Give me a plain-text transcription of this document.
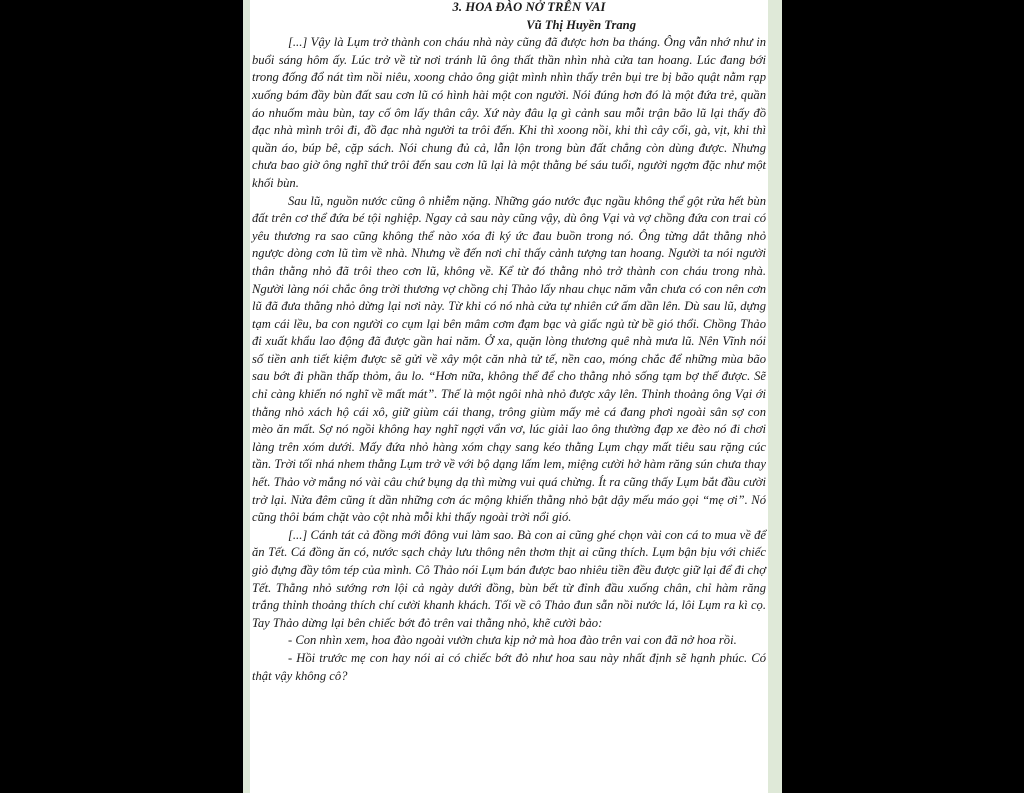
3. HOA ĐÀO NỞ TRÊN VAI

Vũ Thị Huyền Trang

[...] Vậy là Lụm trở thành con cháu nhà này cũng đã được hơn ba tháng. Ông vẫn nhớ như in buổi sáng hôm ấy. Lúc trở về từ nơi tránh lũ ông thất thần nhìn nhà cửa tan hoang. Lúc đang bới trong đống đổ nát tìm nồi niêu, xoong chảo ông giật mình nhìn thấy trên bụi tre bị bão quật nằm rạp xuống bám đầy bùn đất sau cơn lũ có hình hài một con người. Nói đúng hơn đó là một đứa trẻ, quần áo nhuốm màu bùn, tay cố ôm lấy thân cây. Xứ này đâu lạ gì cảnh sau mỗi trận bão lũ lại thấy đồ đạc nhà mình trôi đi, đồ đạc nhà người ta trôi đến. Khi thì xoong nồi, khi thì cây cối, gà, vịt, khi thì quần áo, búp bê, cặp sách. Nói chung đủ cả, lẫn lộn trong bùn đất chẳng còn dùng được. Nhưng chưa bao giờ ông nghĩ thứ trôi đến sau cơn lũ lại là một thằng bé sáu tuổi, người ngợm đặc như một khối bùn.

Sau lũ, nguồn nước cũng ô nhiễm nặng. Những gáo nước đục ngầu không thể gột rửa hết bùn đất trên cơ thể đứa bé tội nghiệp. Ngay cả sau này cũng vậy, dù ông Vại và vợ chồng đứa con trai có yêu thương ra sao cũng không thể nào xóa đi ký ức đau buồn trong nó. Ông từng dắt thằng nhỏ ngược dòng cơn lũ tìm về nhà. Nhưng về đến nơi chỉ thấy cảnh tượng tan hoang. Người ta nói người thân thằng nhỏ đã trôi theo cơn lũ, không về. Kể từ đó thằng nhỏ trở thành con cháu trong nhà. Người làng nói chắc ông trời thương vợ chồng chị Thảo lấy nhau chục năm vẫn chưa có con nên cơn lũ đã đưa thằng nhỏ dừng lại nơi này. Từ khi có nó nhà cửa tự nhiên cứ ấm dần lên. Dù sau lũ, dựng tạm cái lều, ba con người co cụm lại bên mâm cơm đạm bạc và giấc ngủ từ bề gió thổi. Chồng Thảo đi xuất khẩu lao động đã được gần hai năm. Ở xa, quặn lòng thương quê nhà mưa lũ. Nên Vĩnh nói số tiền anh tiết kiệm được sẽ gửi về xây một căn nhà tử tế, nền cao, móng chắc để những mùa bão sau bớt đi phần thấp thỏm, âu lo. “Hơn nữa, không thể để cho thằng nhỏ sống tạm bợ thế được. Sẽ chỉ càng khiến nó nghĩ về mất mát”. Thế là một ngôi nhà nhỏ được xây lên. Thỉnh thoảng ông Vại ới thằng nhỏ xách hộ cái xô, giữ giùm cái thang, trông giùm mấy mẻ cá đang phơi ngoài sân sợ con mèo ăn mất. Sợ nó ngồi không hay nghĩ ngợi vẩn vơ, lúc giải lao ông thường đạp xe đèo nó đi chơi làng trên xóm dưới. Mấy đứa nhỏ hàng xóm chạy sang kéo thằng Lụm chạy mất tiêu sau rặng cúc tần. Trời tối nhá nhem thằng Lụm trở về với bộ dạng lấm lem, miệng cười hở hàm răng sún chưa thay hết. Thảo vờ mắng nó vài câu chứ bụng dạ thì mừng vui quá chừng. Ít ra cũng thấy Lụm bắt đầu cười trở lại. Nửa đêm cũng ít dần những cơn ác mộng khiến thằng nhỏ bật dậy mếu máo gọi “mẹ ơi”. Nó cũng thôi bám chặt vào cột nhà mỗi khi thấy ngoài trời nổi gió.

[...] Cánh tát cả đồng mới đông vui làm sao. Bà con ai cũng ghé chọn vài con cá to mua về để ăn Tết. Cá đồng ăn có, nước sạch chảy lưu thông nên thơm thịt ai cũng thích. Lụm bận bịu với chiếc giỏ đựng đầy tôm tép của mình. Cô Thảo nói Lụm bán được bao nhiêu tiền đều được giữ lại để đi chợ Tết. Thằng nhỏ sướng rơn lội cả ngày dưới đồng, bùn bết từ đỉnh đầu xuống chân, chỉ hàm răng trắng thỉnh thoảng thích chí cười khanh khách. Tối về cô Thảo đun sẵn nồi nước lá, lôi Lụm ra kì cọ. Tay Thảo dừng lại bên chiếc bớt đỏ trên vai thằng nhỏ, khẽ cười bảo:

- Con nhìn xem, hoa đào ngoài vườn chưa kịp nở mà hoa đào trên vai con đã nở hoa rồi.

- Hồi trước mẹ con hay nói ai có chiếc bớt đỏ như hoa sau này nhất định sẽ hạnh phúc. Có thật vậy không cô?
